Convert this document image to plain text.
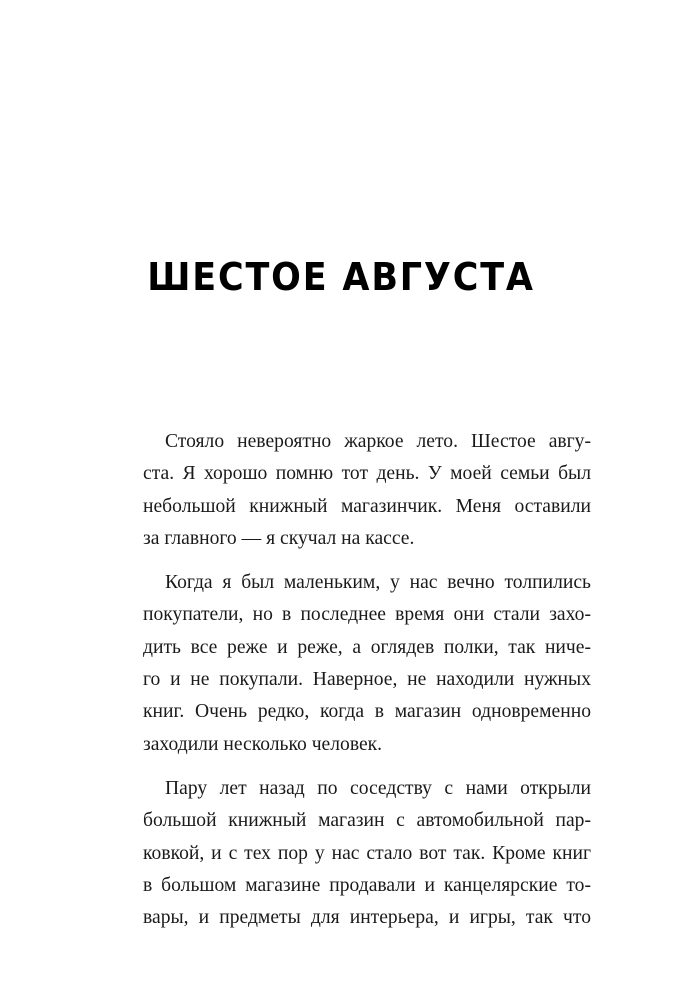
ШЕСТОЕ АВГУСТА

Стояло невероятно жаркое лето. Шестое авгу-
ста. Я хорошо помню тот день. У моей семьи был
небольшой книжный магазинчик. Меня оставили
за главного — я скучал на кассе.

Когда я был маленьким, у нас вечно толпились
покупатели, но в последнее время они стали захо-
дить все реже и реже, а оглядев полки, так ниче-
го и не покупали. Наверное, не находили нужных
книг. Очень редко, когда в магазин одновременно
заходили несколько человек.

Пару лет назад по соседству с нами открыли
большой книжный магазин с автомобильной пар-
ковкой, и с тех пор у нас стало вот так. Кроме книг
в большом магазине продавали и канцелярские то-
вары, и предметы для интерьера, и игры, так что
